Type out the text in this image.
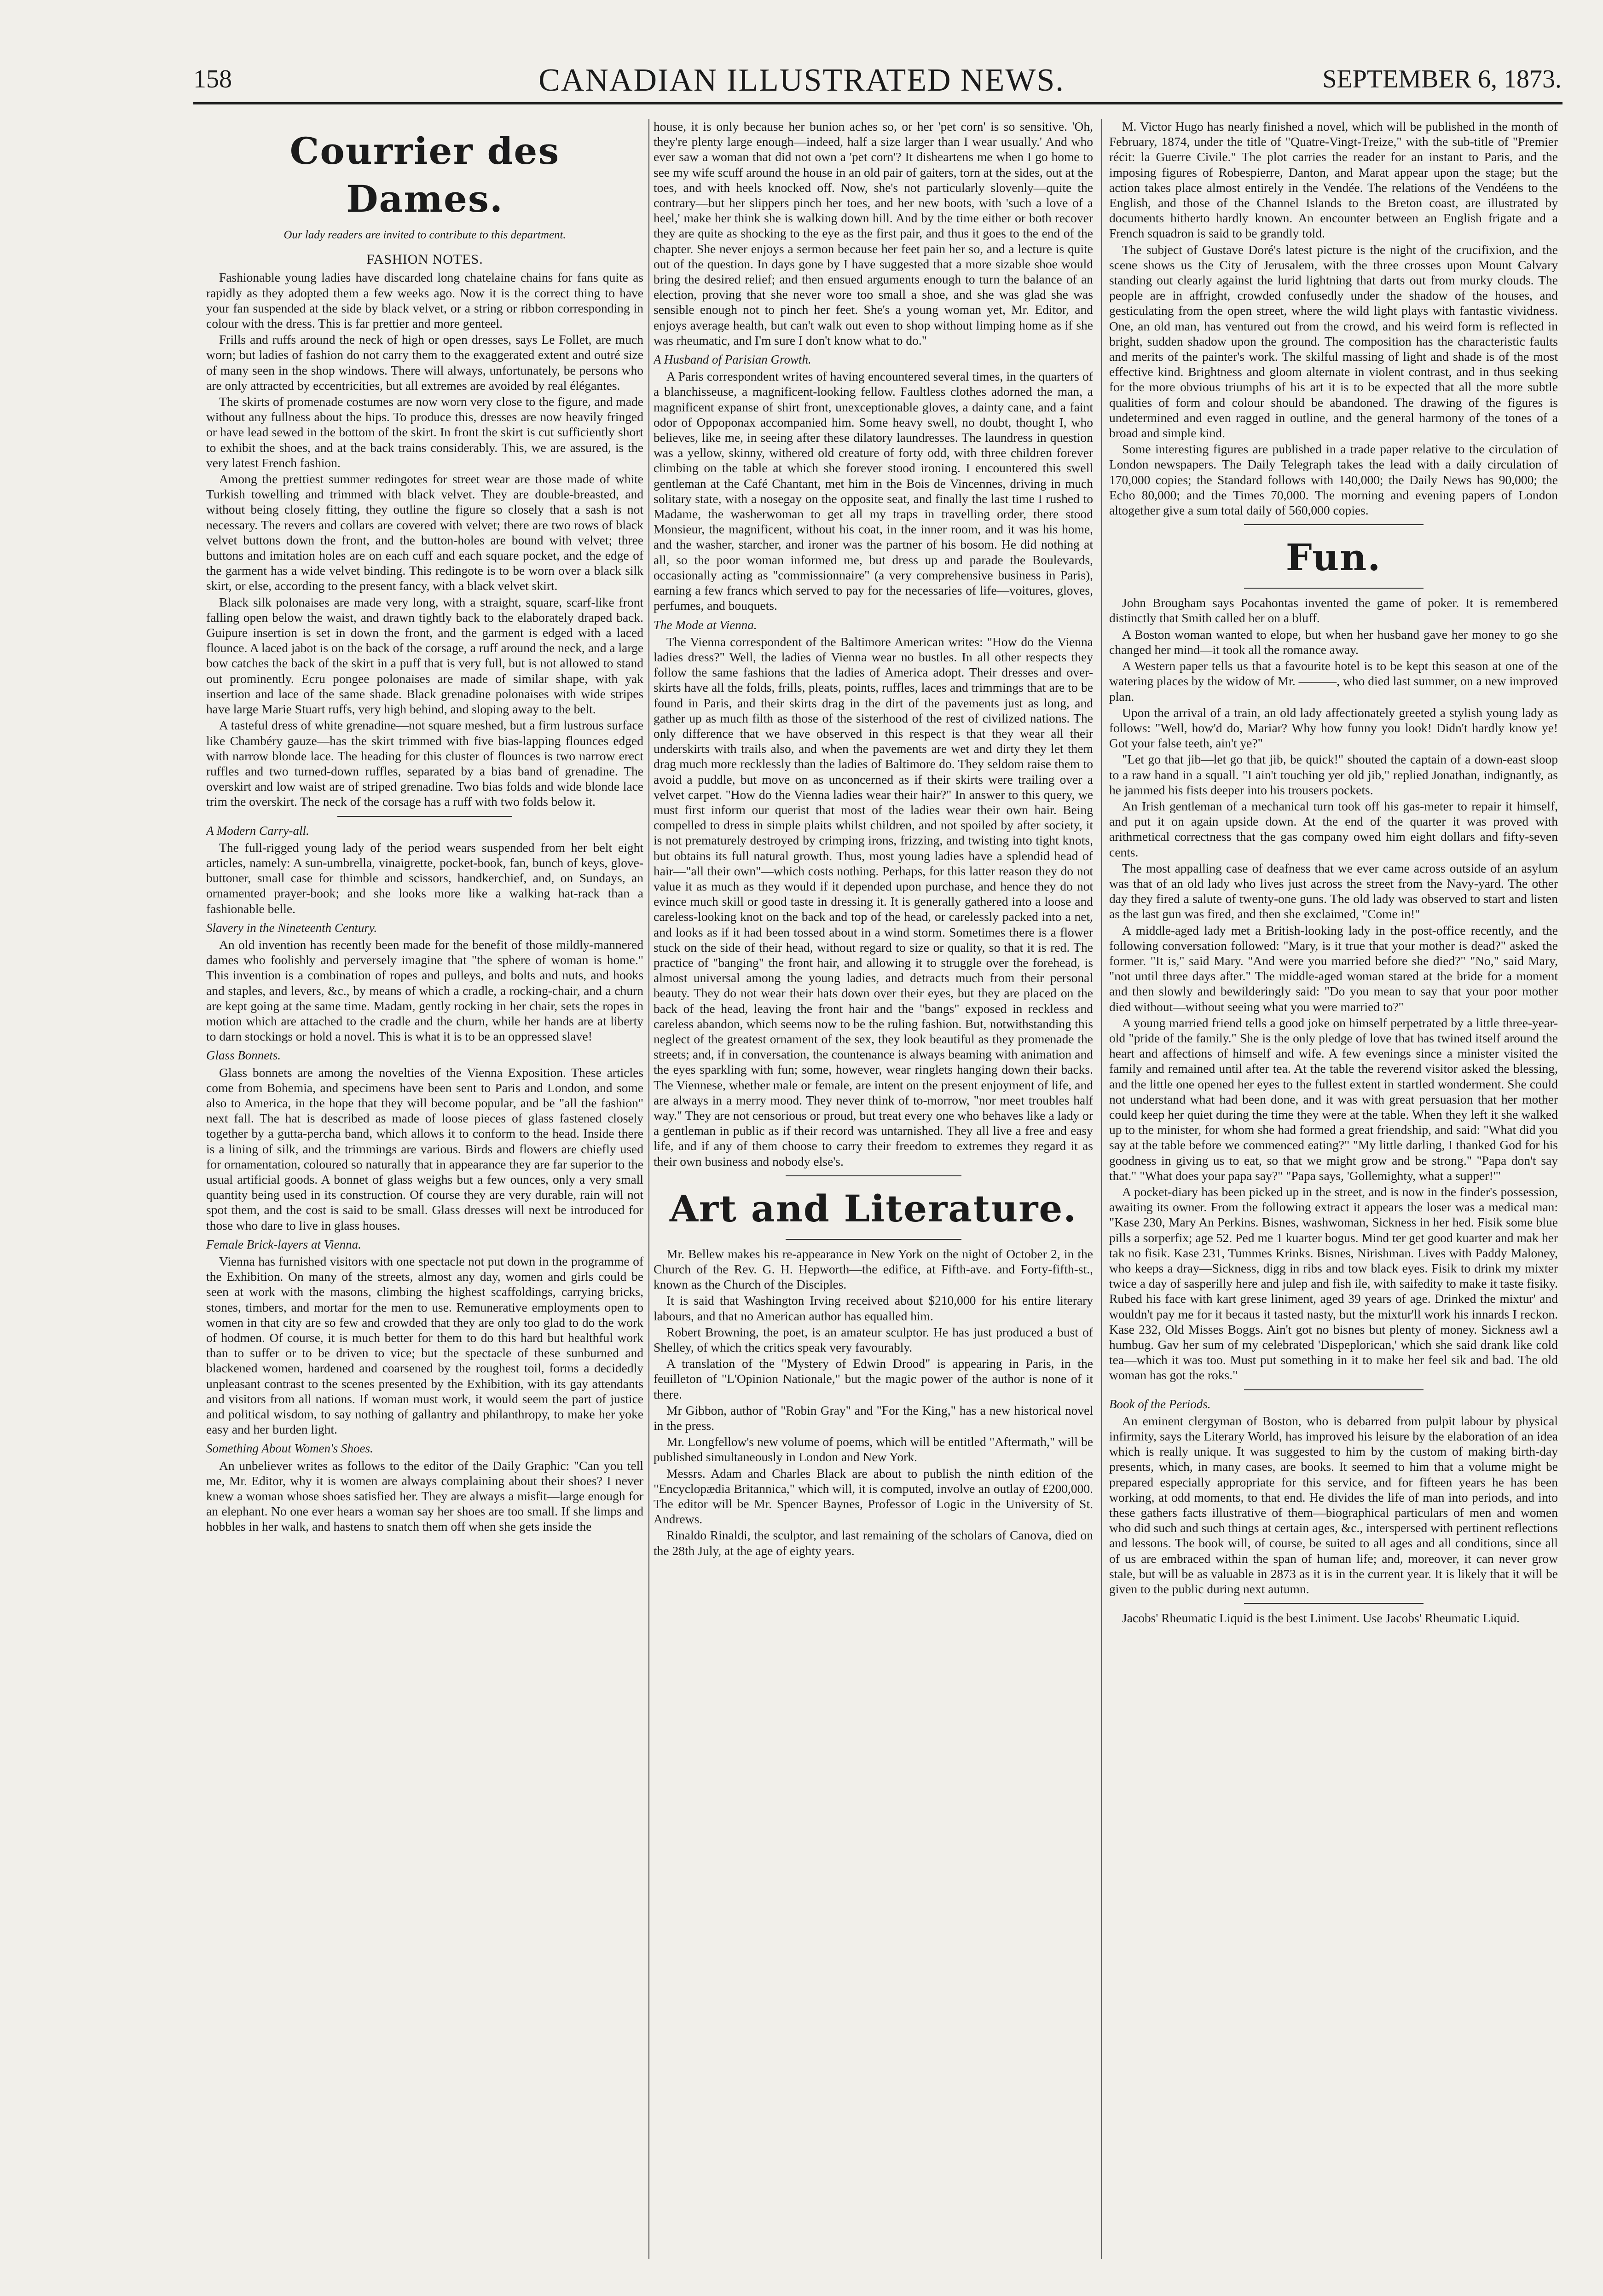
158	CANADIAN ILLUSTRATED NEWS.	SEPTEMBER 6, 1873.
Courrier des Dames.
Our lady readers are invited to contribute to this department.
FASHION NOTES.

Fashionable young ladies have discarded long chatelaine chains for fans quite as rapidly as they adopted them a few weeks ago. Now it is the correct thing to have your fan suspended at the side by black velvet, or a string or ribbon corresponding in colour with the dress. This is far prettier and more genteel.

Frills and ruffs around the neck of high or open dresses, says Le Follet, are much worn; but ladies of fashion do not carry them to the exaggerated extent and outré size of many seen in the shop windows. There will always, unfortunately, be persons who are only attracted by eccentricities, but all extremes are avoided by real élégantes.

The skirts of promenade costumes are now worn very close to the figure, and made without any fullness about the hips. To produce this, dresses are now heavily fringed or have lead sewed in the bottom of the skirt. In front the skirt is cut sufficiently short to exhibit the shoes, and at the back trains considerably. This, we are assured, is the very latest French fashion.

Among the prettiest summer redingotes for street wear are those made of white Turkish towelling and trimmed with black velvet. They are double-breasted, and without being closely fitting, they outline the figure so closely that a sash is not necessary. The revers and collars are covered with velvet; there are two rows of black velvet buttons down the front, and the button-holes are bound with velvet; three buttons and imitation holes are on each cuff and each square pocket, and the edge of the garment has a wide velvet binding. This redingote is to be worn over a black silk skirt, or else, according to the present fancy, with a black velvet skirt.

Black silk polonaises are made very long, with a straight, square, scarf-like front falling open below the waist, and drawn tightly back to the elaborately draped back. Guipure insertion is set in down the front, and the garment is edged with a laced flounce. A laced jabot is on the back of the corsage, a ruff around the neck, and a large bow catches the back of the skirt in a puff that is very full, but is not allowed to stand out prominently. Ecru pongee polonaises are made of similar shape, with yak insertion and lace of the same shade. Black grenadine polonaises with wide stripes have large Marie Stuart ruffs, very high behind, and sloping away to the belt.

A tasteful dress of white grenadine—not square meshed, but a firm lustrous surface like Chambéry gauze—has the skirt trimmed with five bias-lapping flounces edged with narrow blonde lace. The heading for this cluster of flounces is two narrow erect ruffles and two turned-down ruffles, separated by a bias band of grenadine. The overskirt and low waist are of striped grenadine. Two bias folds and wide blonde lace trim the overskirt. The neck of the corsage has a ruff with two folds below it.

A Modern Carry-all.

The full-rigged young lady of the period wears suspended from her belt eight articles, namely: A sun-umbrella, vinaigrette, pocket-book, fan, bunch of keys, glove-buttoner, small case for thimble and scissors, handkerchief, and, on Sundays, an ornamented prayer-book; and she looks more like a walking hat-rack than a fashionable belle.

Slavery in the Nineteenth Century.

An old invention has recently been made for the benefit of those mildly-mannered dames who foolishly and perversely imagine that "the sphere of woman is home." This invention is a combination of ropes and pulleys, and bolts and nuts, and hooks and staples, and levers, &c., by means of which a cradle, a rocking-chair, and a churn are kept going at the same time. Madam, gently rocking in her chair, sets the ropes in motion which are attached to the cradle and the churn, while her hands are at liberty to darn stockings or hold a novel. This is what it is to be an oppressed slave!

Glass Bonnets.

Glass bonnets are among the novelties of the Vienna Exposition. These articles come from Bohemia, and specimens have been sent to Paris and London, and some also to America, in the hope that they will become popular, and be "all the fashion" next fall. The hat is described as made of loose pieces of glass fastened closely together by a gutta-percha band, which allows it to conform to the head. Inside there is a lining of silk, and the trimmings are various. Birds and flowers are chiefly used for ornamentation, coloured so naturally that in appearance they are far superior to the usual artificial goods. A bonnet of glass weighs but a few ounces, only a very small quantity being used in its construction. Of course they are very durable, rain will not spot them, and the cost is said to be small. Glass dresses will next be introduced for those who dare to live in glass houses.

Female Brick-layers at Vienna.

Vienna has furnished visitors with one spectacle not put down in the programme of the Exhibition. On many of the streets, almost any day, women and girls could be seen at work with the masons, climbing the highest scaffoldings, carrying bricks, stones, timbers, and mortar for the men to use. Remunerative employments open to women in that city are so few and crowded that they are only too glad to do the work of hodmen. Of course, it is much better for them to do this hard but healthful work than to suffer or to be driven to vice; but the spectacle of these sunburned and blackened women, hardened and coarsened by the roughest toil, forms a decidedly unpleasant contrast to the scenes presented by the Exhibition, with its gay attendants and visitors from all nations. If woman must work, it would seem the part of justice and political wisdom, to say nothing of gallantry and philanthropy, to make her yoke easy and her burden light.

Something About Women's Shoes.

An unbeliever writes as follows to the editor of the Daily Graphic: "Can you tell me, Mr. Editor, why it is women are always complaining about their shoes? I never knew a woman whose shoes satisfied her. They are always a misfit—large enough for an elephant. No one ever hears a woman say her shoes are too small. If she limps and hobbles in her walk, and hastens to snatch them off when she gets inside the

house, it is only because her bunion aches so, or her 'pet corn' is so sensitive. 'Oh, they're plenty large enough—indeed, half a size larger than I wear usually.' And who ever saw a woman that did not own a 'pet corn'? It disheartens me when I go home to see my wife scuff around the house in an old pair of gaiters, torn at the sides, out at the toes, and with heels knocked off. Now, she's not particularly slovenly—quite the contrary—but her slippers pinch her toes, and her new boots, with 'such a love of a heel,' make her think she is walking down hill. And by the time either or both recover they are quite as shocking to the eye as the first pair, and thus it goes to the end of the chapter. She never enjoys a sermon because her feet pain her so, and a lecture is quite out of the question. In days gone by I have suggested that a more sizable shoe would bring the desired relief; and then ensued arguments enough to turn the balance of an election, proving that she never wore too small a shoe, and she was glad she was sensible enough not to pinch her feet. She's a young woman yet, Mr. Editor, and enjoys average health, but can't walk out even to shop without limping home as if she was rheumatic, and I'm sure I don't know what to do."

A Husband of Parisian Growth.

A Paris correspondent writes of having encountered several times, in the quarters of a blanchisseuse, a magnificent-looking fellow. Faultless clothes adorned the man, a magnificent expanse of shirt front, unexceptionable gloves, a dainty cane, and a faint odor of Oppoponax accompanied him. Some heavy swell, no doubt, thought I, who believes, like me, in seeing after these dilatory laundresses. The laundress in question was a yellow, skinny, withered old creature of forty odd, with three children forever climbing on the table at which she forever stood ironing. I encountered this swell gentleman at the Café Chantant, met him in the Bois de Vincennes, driving in much solitary state, with a nosegay on the opposite seat, and finally the last time I rushed to Madame, the washerwoman to get all my traps in travelling order, there stood Monsieur, the magnificent, without his coat, in the inner room, and it was his home, and the washer, starcher, and ironer was the partner of his bosom. He did nothing at all, so the poor woman informed me, but dress up and parade the Boulevards, occasionally acting as "commissionnaire" (a very comprehensive business in Paris), earning a few francs which served to pay for the necessaries of life—voitures, gloves, perfumes, and bouquets.

The Mode at Vienna.

The Vienna correspondent of the Baltimore American writes: "How do the Vienna ladies dress?" Well, the ladies of Vienna wear no bustles. In all other respects they follow the same fashions that the ladies of America adopt. Their dresses and over-skirts have all the folds, frills, pleats, points, ruffles, laces and trimmings that are to be found in Paris, and their skirts drag in the dirt of the pavements just as long, and gather up as much filth as those of the sisterhood of the rest of civilized nations. The only difference that we have observed in this respect is that they wear all their underskirts with trails also, and when the pavements are wet and dirty they let them drag much more recklessly than the ladies of Baltimore do. They seldom raise them to avoid a puddle, but move on as unconcerned as if their skirts were trailing over a velvet carpet. "How do the Vienna ladies wear their hair?" In answer to this query, we must first inform our querist that most of the ladies wear their own hair. Being compelled to dress in simple plaits whilst children, and not spoiled by after society, it is not prematurely destroyed by crimping irons, frizzing, and twisting into tight knots, but obtains its full natural growth. Thus, most young ladies have a splendid head of hair—"all their own"—which costs nothing. Perhaps, for this latter reason they do not value it as much as they would if it depended upon purchase, and hence they do not evince much skill or good taste in dressing it. It is generally gathered into a loose and careless-looking knot on the back and top of the head, or carelessly packed into a net, and looks as if it had been tossed about in a wind storm. Sometimes there is a flower stuck on the side of their head, without regard to size or quality, so that it is red. The practice of "banging" the front hair, and allowing it to struggle over the forehead, is almost universal among the young ladies, and detracts much from their personal beauty. They do not wear their hats down over their eyes, but they are placed on the back of the head, leaving the front hair and the "bangs" exposed in reckless and careless abandon, which seems now to be the ruling fashion. But, notwithstanding this neglect of the greatest ornament of the sex, they look beautiful as they promenade the streets; and, if in conversation, the countenance is always beaming with animation and the eyes sparkling with fun; some, however, wear ringlets hanging down their backs. The Viennese, whether male or female, are intent on the present enjoyment of life, and are always in a merry mood. They never think of to-morrow, "nor meet troubles half way." They are not censorious or proud, but treat every one who behaves like a lady or a gentleman in public as if their record was untarnished. They all live a free and easy life, and if any of them choose to carry their freedom to extremes they regard it as their own business and nobody else's.

Art and Literature.

Mr. Bellew makes his re-appearance in New York on the night of October 2, in the Church of the Rev. G. H. Hepworth—the edifice, at Fifth-ave. and Forty-fifth-st., known as the Church of the Disciples.

It is said that Washington Irving received about $210,000 for his entire literary labours, and that no American author has equalled him.

Robert Browning, the poet, is an amateur sculptor. He has just produced a bust of Shelley, of which the critics speak very favourably.

A translation of the "Mystery of Edwin Drood" is appearing in Paris, in the feuilleton of "L'Opinion Nationale," but the magic power of the author is none of it there.

Mr Gibbon, author of "Robin Gray" and "For the King," has a new historical novel in the press.

Mr. Longfellow's new volume of poems, which will be entitled "Aftermath," will be published simultaneously in London and New York.

Messrs. Adam and Charles Black are about to publish the ninth edition of the "Encyclopædia Britannica," which will, it is computed, involve an outlay of £200,000. The editor will be Mr. Spencer Baynes, Professor of Logic in the University of St. Andrews.

Rinaldo Rinaldi, the sculptor, and last remaining of the scholars of Canova, died on the 28th July, at the age of eighty years.

M. Victor Hugo has nearly finished a novel, which will be published in the month of February, 1874, under the title of "Quatre-Vingt-Treize," with the sub-title of "Premier récit: la Guerre Civile." The plot carries the reader for an instant to Paris, and the imposing figures of Robespierre, Danton, and Marat appear upon the stage; but the action takes place almost entirely in the Vendée. The relations of the Vendéens to the English, and those of the Channel Islands to the Breton coast, are illustrated by documents hitherto hardly known. An encounter between an English frigate and a French squadron is said to be grandly told.

The subject of Gustave Doré's latest picture is the night of the crucifixion, and the scene shows us the City of Jerusalem, with the three crosses upon Mount Calvary standing out clearly against the lurid lightning that darts out from murky clouds. The people are in affright, crowded confusedly under the shadow of the houses, and gesticulating from the open street, where the wild light plays with fantastic vividness. One, an old man, has ventured out from the crowd, and his weird form is reflected in bright, sudden shadow upon the ground. The composition has the characteristic faults and merits of the painter's work. The skilful massing of light and shade is of the most effective kind. Brightness and gloom alternate in violent contrast, and in thus seeking for the more obvious triumphs of his art it is to be expected that all the more subtle qualities of form and colour should be abandoned. The drawing of the figures is undetermined and even ragged in outline, and the general harmony of the tones of a broad and simple kind.

Some interesting figures are published in a trade paper relative to the circulation of London newspapers. The Daily Telegraph takes the lead with a daily circulation of 170,000 copies; the Standard follows with 140,000; the Daily News has 90,000; the Echo 80,000; and the Times 70,000. The morning and evening papers of London altogether give a sum total daily of 560,000 copies.

Fun.

John Brougham says Pocahontas invented the game of poker. It is remembered distinctly that Smith called her on a bluff.

A Boston woman wanted to elope, but when her husband gave her money to go she changed her mind—it took all the romance away.

A Western paper tells us that a favourite hotel is to be kept this season at one of the watering places by the widow of Mr. ———, who died last summer, on a new improved plan.

Upon the arrival of a train, an old lady affectionately greeted a stylish young lady as follows: "Well, how'd do, Mariar? Why how funny you look! Didn't hardly know ye! Got your false teeth, ain't ye?"

"Let go that jib—let go that jib, be quick!" shouted the captain of a down-east sloop to a raw hand in a squall. "I ain't touching yer old jib," replied Jonathan, indignantly, as he jammed his fists deeper into his trousers pockets.

An Irish gentleman of a mechanical turn took off his gas-meter to repair it himself, and put it on again upside down. At the end of the quarter it was proved with arithmetical correctness that the gas company owed him eight dollars and fifty-seven cents.

The most appalling case of deafness that we ever came across outside of an asylum was that of an old lady who lives just across the street from the Navy-yard. The other day they fired a salute of twenty-one guns. The old lady was observed to start and listen as the last gun was fired, and then she exclaimed, "Come in!"

A middle-aged lady met a British-looking lady in the post-office recently, and the following conversation followed: "Mary, is it true that your mother is dead?" asked the former. "It is," said Mary. "And were you married before she died?" "No," said Mary, "not until three days after." The middle-aged woman stared at the bride for a moment and then slowly and bewilderingly said: "Do you mean to say that your poor mother died without—without seeing what you were married to?"

A young married friend tells a good joke on himself perpetrated by a little three-year-old "pride of the family." She is the only pledge of love that has twined itself around the heart and affections of himself and wife. A few evenings since a minister visited the family and remained until after tea. At the table the reverend visitor asked the blessing, and the little one opened her eyes to the fullest extent in startled wonderment. She could not understand what had been done, and it was with great persuasion that her mother could keep her quiet during the time they were at the table. When they left it she walked up to the minister, for whom she had formed a great friendship, and said: "What did you say at the table before we commenced eating?" "My little darling, I thanked God for his goodness in giving us to eat, so that we might grow and be strong." "Papa don't say that." "What does your papa say?" "Papa says, 'Gollemighty, what a supper!'"

A pocket-diary has been picked up in the street, and is now in the finder's possession, awaiting its owner. From the following extract it appears the loser was a medical man: "Kase 230, Mary An Perkins. Bisnes, washwoman, Sickness in her hed. Fisik some blue pills a sorperfix; age 52. Ped me 1 kuarter bogus. Mind ter get good kuarter and mak her tak no fisik. Kase 231, Tummes Krinks. Bisnes, Nirishman. Lives with Paddy Maloney, who keeps a dray—Sickness, digg in ribs and tow black eyes. Fisik to drink my mixter twice a day of sasperilly here and julep and fish ile, with saifedity to make it taste fisiky. Rubed his face with kart grese liniment, aged 39 years of age. Drinked the mixtur' and wouldn't pay me for it becaus it tasted nasty, but the mixtur'll work his innards I reckon. Kase 232, Old Misses Boggs. Ain't got no bisnes but plenty of money. Sickness awl a humbug. Gav her sum of my celebrated 'Dispeplorican,' which she said drank like cold tea—which it was too. Must put something in it to make her feel sik and bad. The old woman has got the roks."

Book of the Periods.

An eminent clergyman of Boston, who is debarred from pulpit labour by physical infirmity, says the Literary World, has improved his leisure by the elaboration of an idea which is really unique. It was suggested to him by the custom of making birth-day presents, which, in many cases, are books. It seemed to him that a volume might be prepared especially appropriate for this service, and for fifteen years he has been working, at odd moments, to that end. He divides the life of man into periods, and into these gathers facts illustrative of them—biographical particulars of men and women who did such and such things at certain ages, &c., interspersed with pertinent reflections and lessons. The book will, of course, be suited to all ages and all conditions, since all of us are embraced within the span of human life; and, moreover, it can never grow stale, but will be as valuable in 2873 as it is in the current year. It is likely that it will be given to the public during next autumn.

Jacobs' Rheumatic Liquid is the best Liniment. Use Jacobs' Rheumatic Liquid.
